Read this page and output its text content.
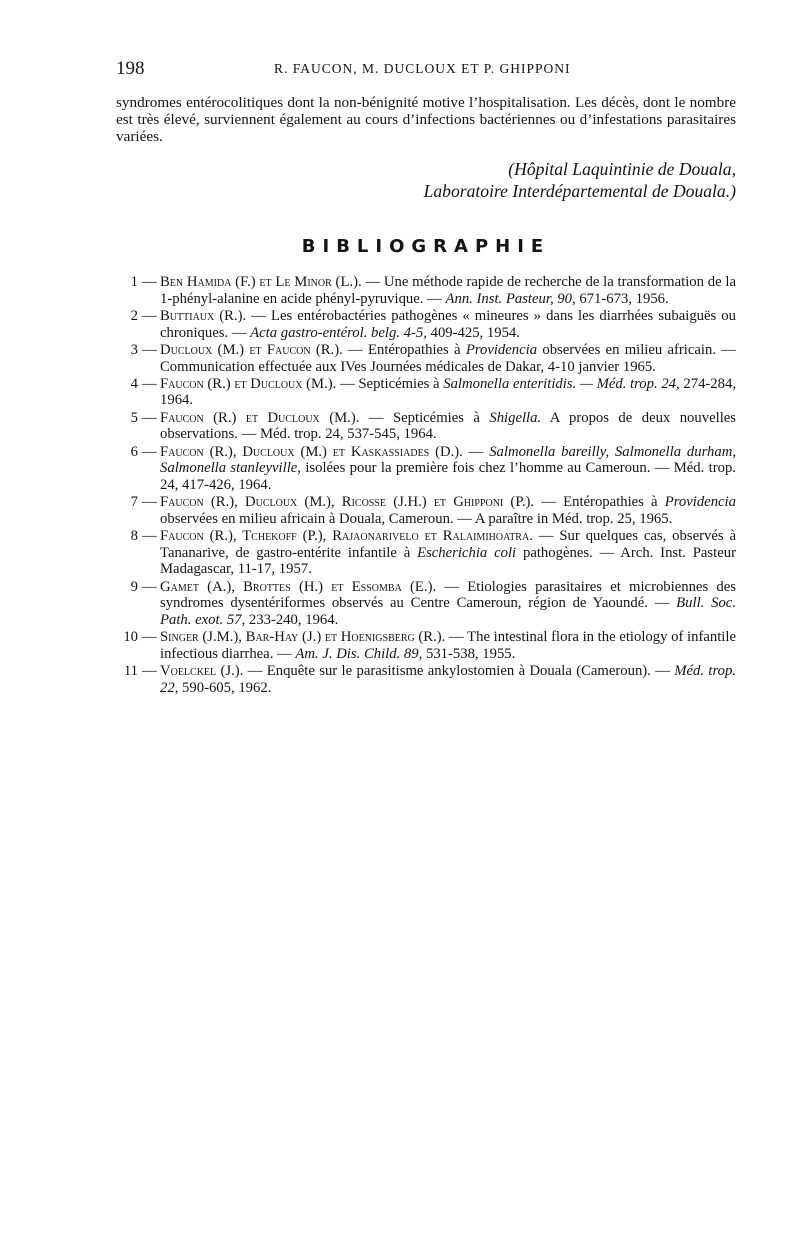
198	R. FAUCON, M. DUCLOUX ET P. GHIPPONI

syndromes entérocolitiques dont la non-bénignité motive l’hospitalisation. Les décès, dont le nombre est très élevé, surviennent également au cours d’infections bactériennes ou d’infestations parasitaires variées.

(Hôpital Laquintinie de Douala,
Laboratoire Interdépartemental de Douala.)
BIBLIOGRAPHIE
1 — Ben Hamida (F.) et Le Minor (L.). — Une méthode rapide de recherche de la transformation de la 1-phényl-alanine en acide phényl-pyruvique. — Ann. Inst. Pasteur, 90, 671-673, 1956.
2 — Buttiaux (R.). — Les entérobactéries pathogènes « mineures » dans les diarrhées subaiguës ou chroniques. — Acta gastro-entérol. belg. 4-5, 409-425, 1954.
3 — Ducloux (M.) et Faucon (R.). — Entéropathies à Providencia observées en milieu africain. — Communication effectuée aux IVes Journées médicales de Dakar, 4-10 janvier 1965.
4 — Faucon (R.) et Ducloux (M.). — Septicémies à Salmonella enteritidis. — Méd. trop. 24, 274-284, 1964.
5 — Faucon (R.) et Ducloux (M.). — Septicémies à Shigella. A propos de deux nouvelles observations. — Méd. trop. 24, 537-545, 1964.
6 — Faucon (R.), Ducloux (M.) et Kaskassiades (D.). — Salmonella bareilly, Salmonella durham, Salmonella stanleyville, isolées pour la première fois chez l’homme au Cameroun. — Méd. trop. 24, 417-426, 1964.
7 — Faucon (R.), Ducloux (M.), Ricosse (J.H.) et Ghipponi (P.). — Entéropathies à Providencia observées en milieu africain à Douala, Cameroun. — A paraître in Méd. trop. 25, 1965.
8 — Faucon (R.), Tchekoff (P.), Rajaonarivelo et Ralaimihoatra. — Sur quelques cas, observés à Tananarive, de gastro-entérite infantile à Escherichia coli pathogènes. — Arch. Inst. Pasteur Madagascar, 11-17, 1957.
9 — Gamet (A.), Brottes (H.) et Essomba (E.). — Etiologies parasitaires et microbiennes des syndromes dysentériformes observés au Centre Cameroun, région de Yaoundé. — Bull. Soc. Path. exot. 57, 233-240, 1964.
10 — Singer (J.M.), Bar-Hay (J.) et Hoenigsberg (R.). — The intestinal flora in the etiology of infantile infectious diarrhea. — Am. J. Dis. Child. 89, 531-538, 1955.
11 — Voelckel (J.). — Enquête sur le parasitisme ankylostomien à Douala (Cameroun). — Méd. trop. 22, 590-605, 1962.
